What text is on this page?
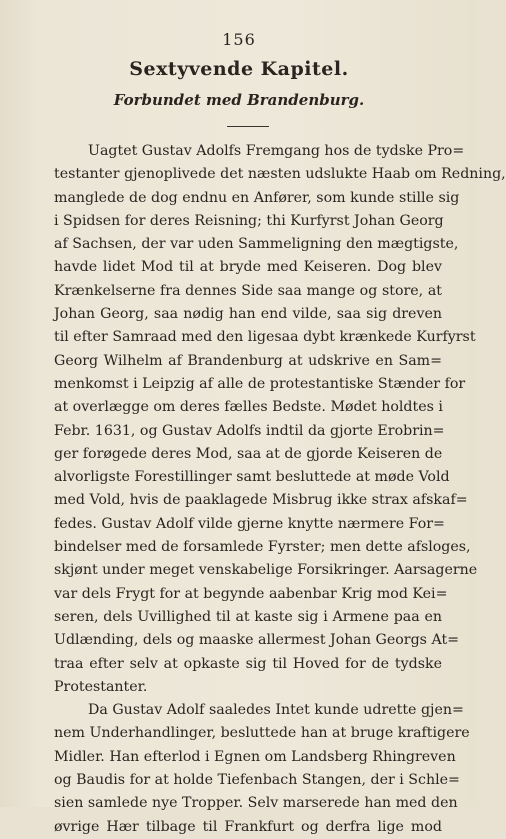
156
Sextyvende Kapitel.
Forbundet med Brandenburg.
Uagtet Gustav Adolfs Fremgang hos de tydske Pro=
testanter gjenoplivede det næsten udslukte Haab om Redning,
manglede de dog endnu en Anfører, som kunde stille sig
i Spidsen for deres Reisning; thi Kurfyrst Johan Georg
af Sachsen, der var uden Sammeligning den mægtigste,
havde lidet Mod til at bryde med Keiseren. Dog blev
Krænkelserne fra dennes Side saa mange og store, at
Johan Georg, saa nødig han end vilde, saa sig dreven
til efter Samraad med den ligesaa dybt krænkede Kurfyrst
Georg Wilhelm af Brandenburg at udskrive en Sam=
menkomst i Leipzig af alle de protestantiske Stænder for
at overlægge om deres fælles Bedste. Mødet holdtes i
Febr. 1631, og Gustav Adolfs indtil da gjorte Erobrin=
ger forøgede deres Mod, saa at de gjorde Keiseren de
alvorligste Forestillinger samt besluttede at møde Vold
med Vold, hvis de paaklagede Misbrug ikke strax afskaf=
fedes. Gustav Adolf vilde gjerne knytte nærmere For=
bindelser med de forsamlede Fyrster; men dette afsloges,
skjønt under meget venskabelige Forsikringer. Aarsagerne
var dels Frygt for at begynde aabenbar Krig mod Kei=
seren, dels Uvillighed til at kaste sig i Armene paa en
Udlænding, dels og maaske allermest Johan Georgs At=
traa efter selv at opkaste sig til Hoved for de tydske
Protestanter.
Da Gustav Adolf saaledes Intet kunde udrette gjen=
nem Underhandlinger, besluttede han at bruge kraftigere
Midler. Han efterlod i Egnen om Landsberg Rhingreven
og Baudis for at holde Tiefenbach Stangen, der i Schle=
sien samlede nye Tropper. Selv marserede han med den
øvrige Hær tilbage til Frankfurt og derfra lige mod
